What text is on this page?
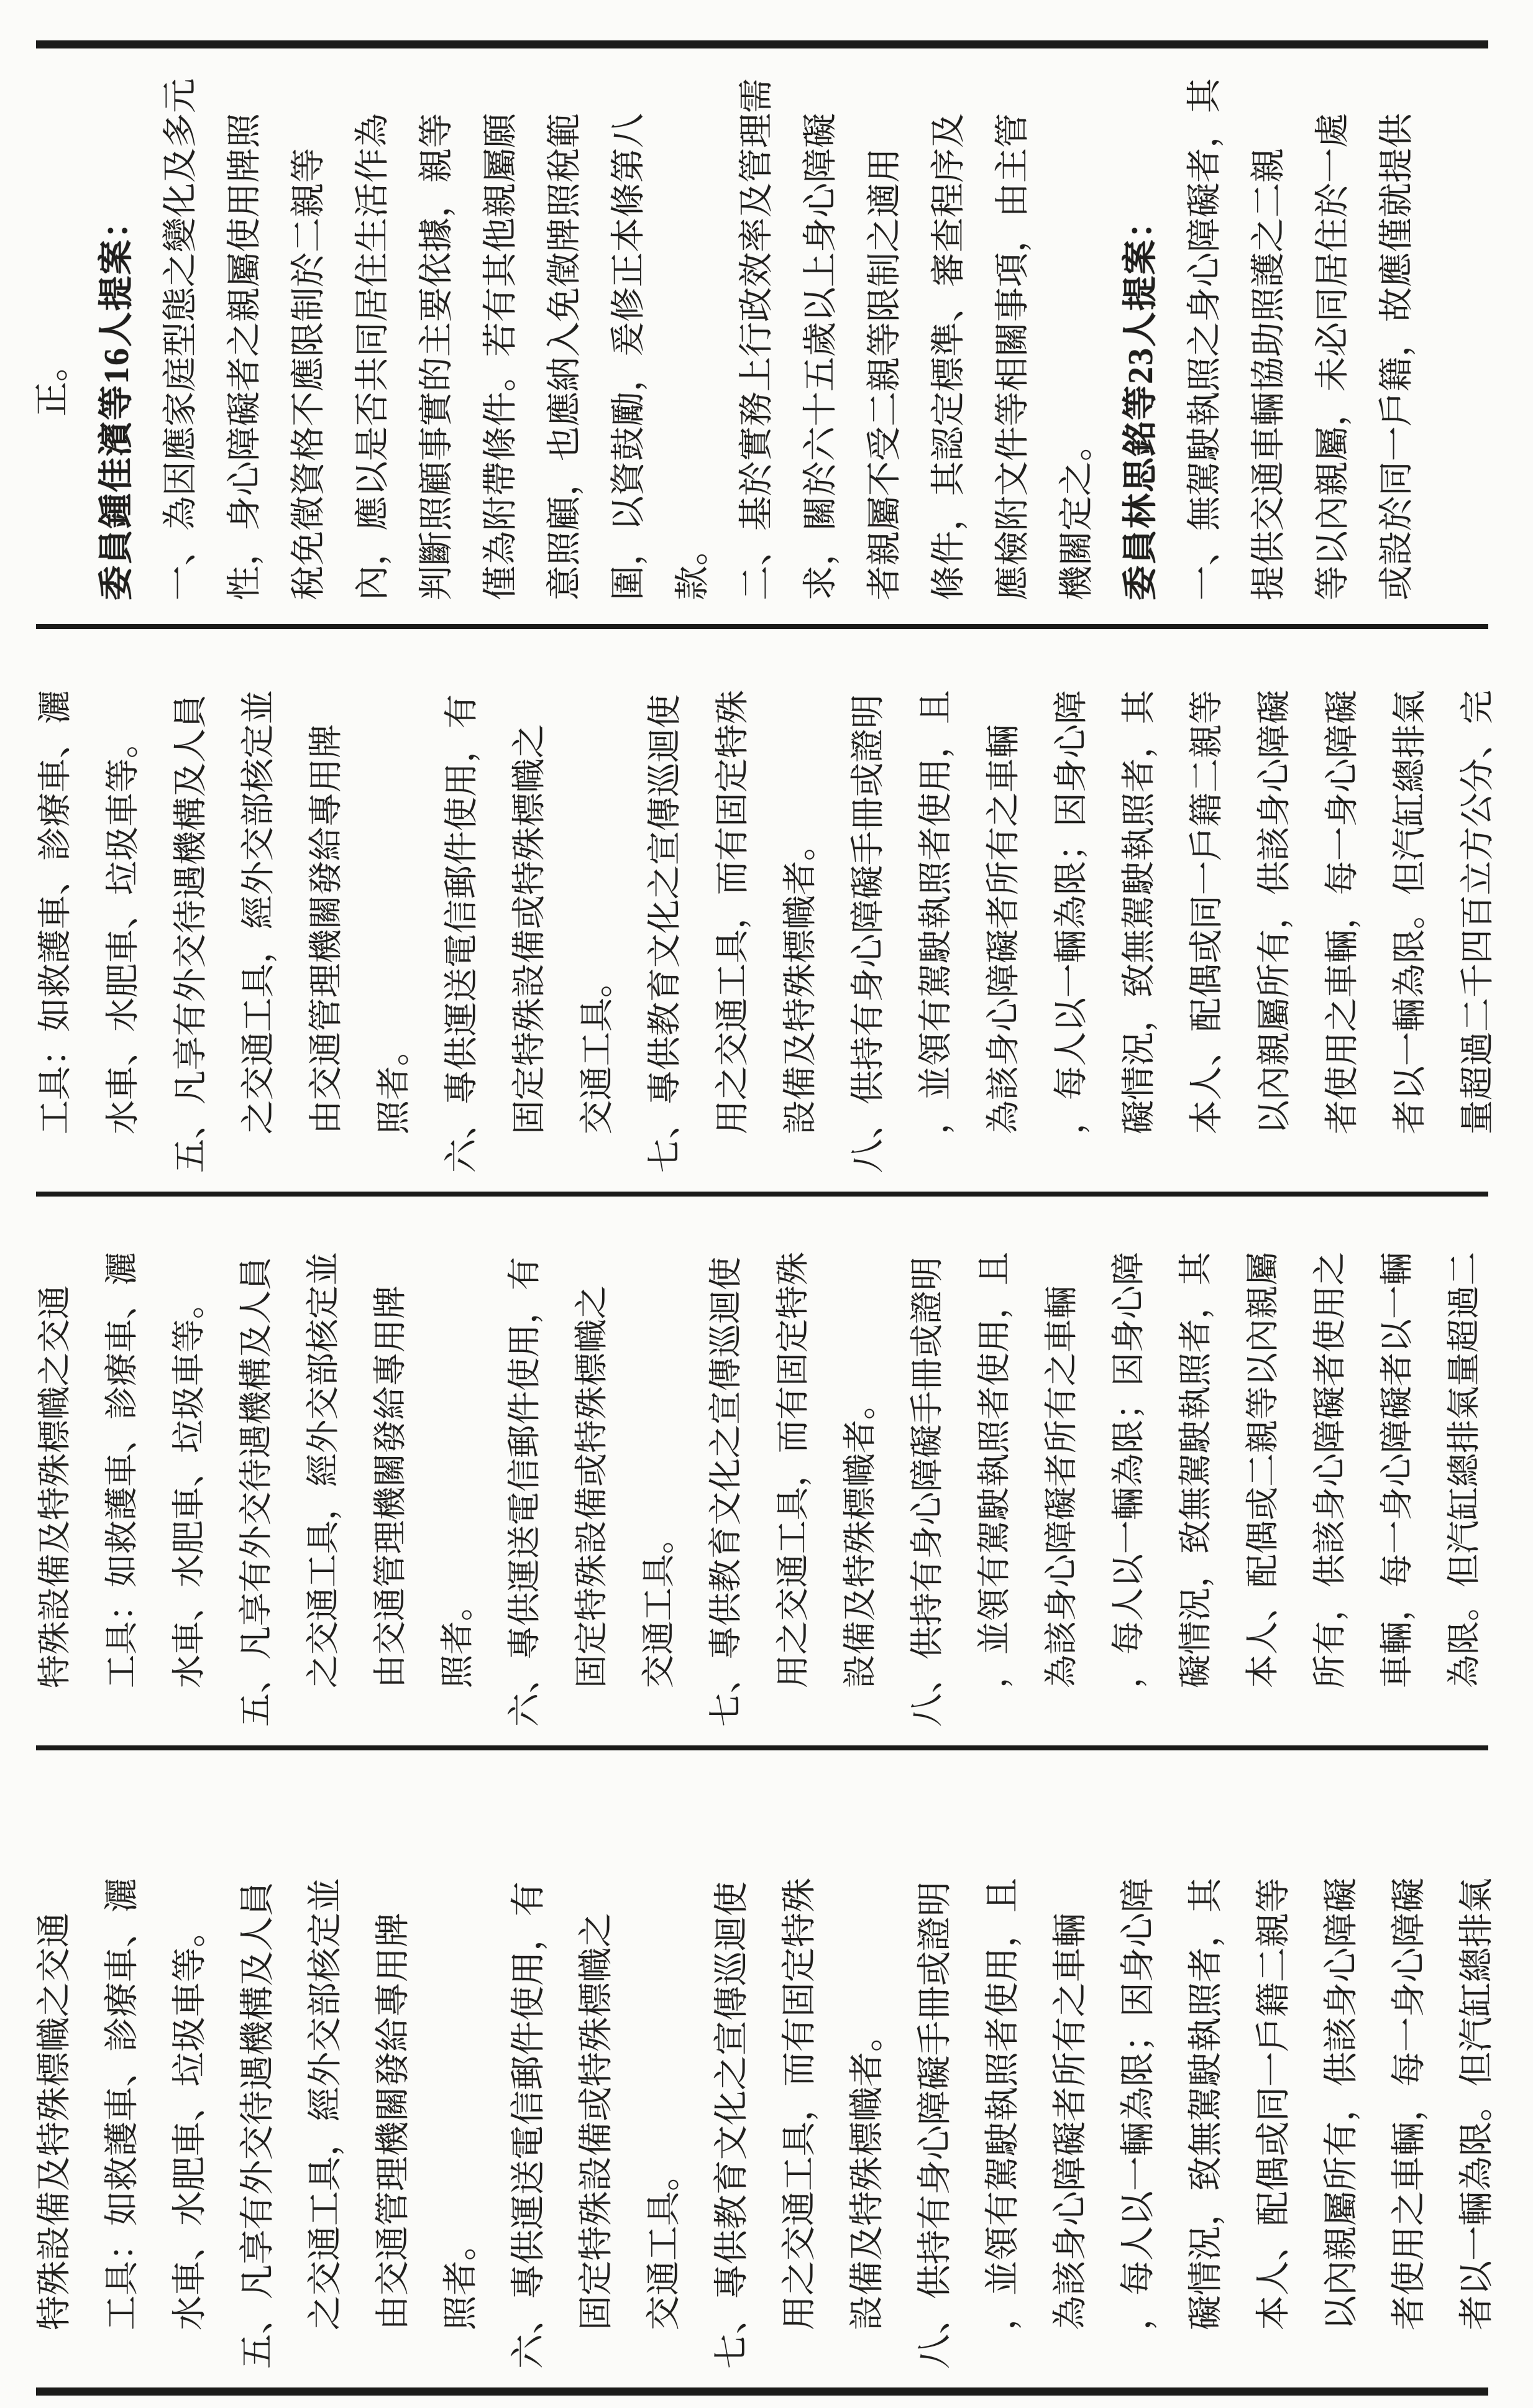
特殊設備及特殊標幟之交通 工具：如救護車、診療車、灑 水車、水肥車、垃圾車等。 五、凡享有外交待遇機構及人員 之交通工具，經外交部核定並 由交通管理機關發給專用牌 照者。 六、專供運送電信郵件使用，有 固定特殊設備或特殊標幟之 交通工具。 七、專供教育文化之宣傳巡迴使 用之交通工具，而有固定特殊 設備及特殊標幟者。 八、供持有身心障礙手冊或證明 ，並領有駕駛執照者使用，且 為該身心障礙者所有之車輛 ，每人以一輛為限；因身心障 礙情況，致無駕駛執照者，其 本人、配偶或同一戶籍二親等 以內親屬所有，供該身心障礙 者使用之車輛，每一身心障礙 者以一輛為限。但汽缸總排氣
特殊設備及特殊標幟之交通 工具：如救護車、診療車、灑 水車、水肥車、垃圾車等。 五、凡享有外交待遇機構及人員 之交通工具，經外交部核定並 由交通管理機關發給專用牌 照者。 六、專供運送電信郵件使用，有 固定特殊設備或特殊標幟之 交通工具。 七、專供教育文化之宣傳巡迴使 用之交通工具，而有固定特殊 設備及特殊標幟者。 八、供持有身心障礙手冊或證明 ，並領有駕駛執照者使用，且 為該身心障礙者所有之車輛 ，每人以一輛為限；因身心障 礙情況，致無駕駛執照者，其 本人、配偶或二親等以內親屬 所有，供該身心障礙者使用之 車輛，每一身心障礙者以一輛 為限。但汽缸總排氣量超過二
工具：如救護車、診療車、灑 水車、水肥車、垃圾車等。 五、凡享有外交待遇機構及人員 之交通工具，經外交部核定並 由交通管理機關發給專用牌 照者。 六、專供運送電信郵件使用，有 固定特殊設備或特殊標幟之 交通工具。 七、專供教育文化之宣傳巡迴使 用之交通工具，而有固定特殊 設備及特殊標幟者。 八、供持有身心障礙手冊或證明 ，並領有駕駛執照者使用，且 為該身心障礙者所有之車輛 ，每人以一輛為限；因身心障 礙情況，致無駕駛執照者，其 本人、配偶或同一戶籍二親等 以內親屬所有，供該身心障礙 者使用之車輛，每一身心障礙 者以一輛為限。但汽缸總排氣 量超過二千四百立方公分、完
正。 委員鍾佳濱等16人提案： 一、為因應家庭型態之變化及多元 性，身心障礙者之親屬使用牌照 稅免徵資格不應限制於二親等 內，應以是否共同居住生活作為 判斷照顧事實的主要依據，親等 僅為附帶條件。若有其他親屬願 意照顧，也應納入免徵牌照稅範 圍，以資鼓勵，爰修正本條第八 款。 二、基於實務上行政效率及管理需 求，關於六十五歲以上身心障礙 者親屬不受二親等限制之適用 條件，其認定標準、審查程序及 應檢附文件等相關事項，由主管 機關定之。 委員林思銘等23人提案： 一、無駕駛執照之身心障礙者，其 提供交通車輛協助照護之二親 等以內親屬，未必同居住於一處 或設於同一戶籍，故應僅就提供
